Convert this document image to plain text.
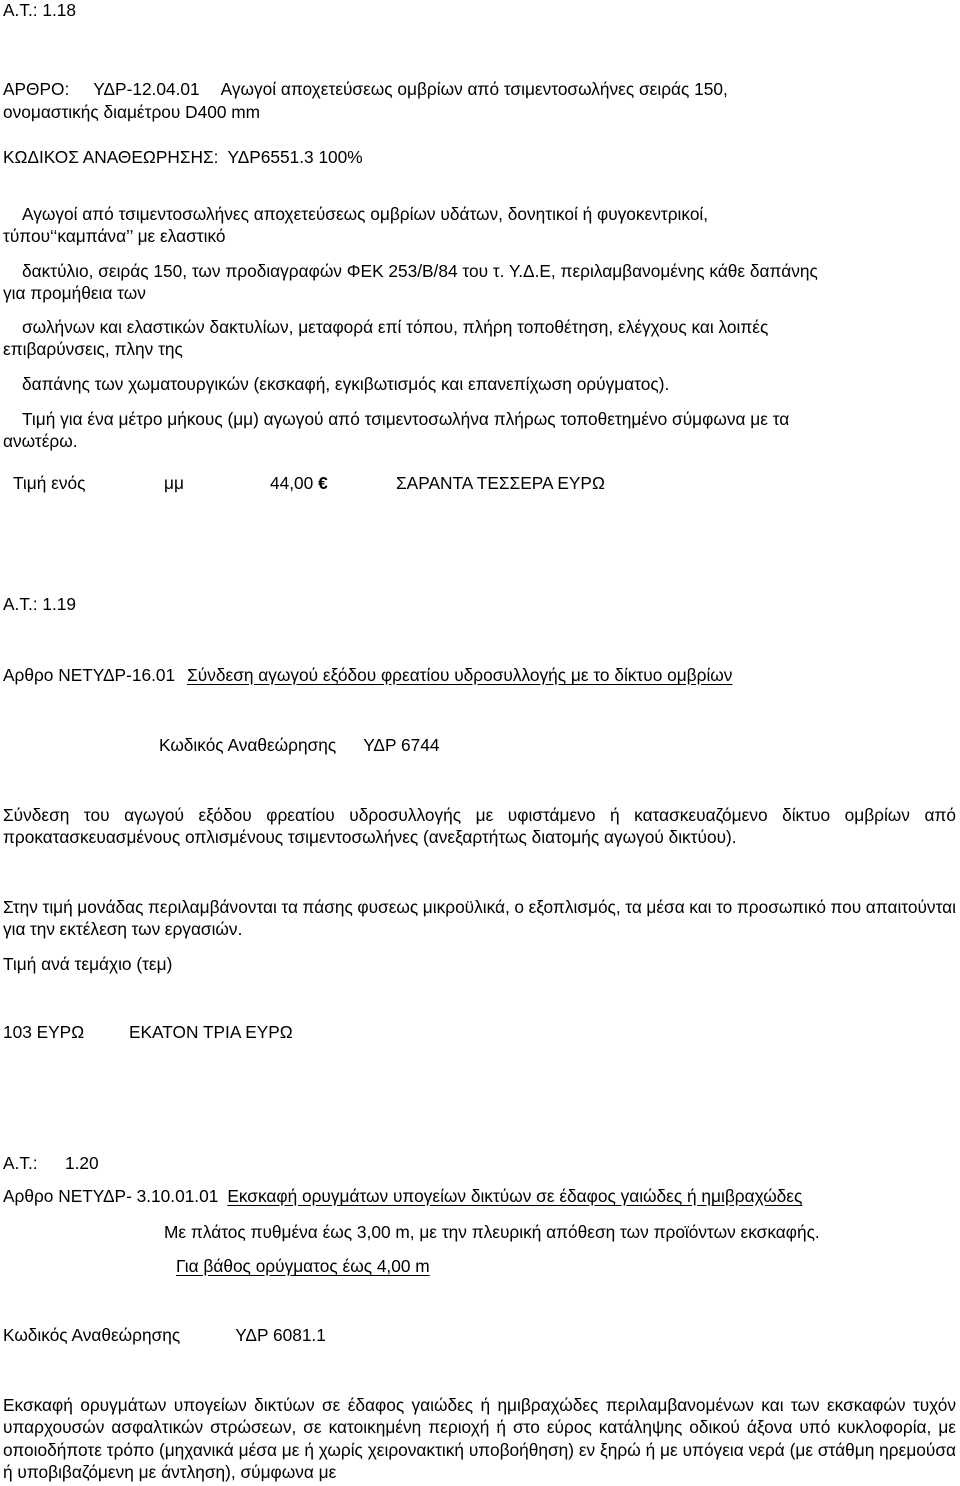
Α.Τ.: 1.18
ΑΡΘΡΟ: ΥΔΡ-12.04.01 Αγωγοί αποχετεύσεως ομβρίων από τσιμεντοσωλήνες σειράς 150,
ονομαστικής διαμέτρου D400 mm
ΚΩΔΙΚΟΣ ΑΝΑΘΕΩΡΗΣΗΣ: ΥΔΡ6551.3 100%
Αγωγοί από τσιμεντοσωλήνες αποχετεύσεως ομβρίων υδάτων, δονητικοί ή φυγοκεντρικοί,
τύπου‘‘καμπάνα’’ με ελαστικό
δακτύλιο, σειράς 150, των προδιαγραφών ΦΕΚ 253/Β/84 του τ. Υ.Δ.Ε, περιλαμβανομένης κάθε δαπάνης
για προμήθεια των
σωλήνων και ελαστικών δακτυλίων, μεταφορά επί τόπου, πλήρη τοποθέτηση, ελέγχους και λοιπές
επιβαρύνσεις, πλην της
δαπάνης των χωματουργικών (εκσκαφή, εγκιβωτισμός και επανεπίχωση ορύγματος).
Τιμή για ένα μέτρο μήκους (μμ) αγωγού από τσιμεντοσωλήνα πλήρως τοποθετημένο σύμφωνα με τα
ανωτέρω.
Τιμή ενός	μμ	44,00 €	ΣΑΡΑΝΤΑ ΤΕΣΣΕΡΑ ΕΥΡΩ
Α.Τ.: 1.19
Αρθρο ΝΕΤΥΔΡ-16.01 Σύνδεση αγωγού εξόδου φρεατίου υδροσυλλογής με το δίκτυο ομβρίων
Κωδικός Αναθεώρησης ΥΔΡ 6744
Σύνδεση του αγωγού εξόδου φρεατίου υδροσυλλογής με υφιστάμενο ή κατασκευαζόμενο δίκτυο ομβρίων από προκατασκευασμένους οπλισμένους τσιμεντοσωλήνες (ανεξαρτήτως διατομής αγωγού δικτύου).
Στην τιμή μονάδας περιλαμβάνονται τα πάσης φυσεως μικροϋλικά, ο εξοπλισμός, τα μέσα και το προσωπικό που απαιτούνται για την εκτέλεση των εργασιών.
Τιμή ανά τεμάχιο (τεμ)
103 ΕΥΡΩ	ΕΚΑΤΟΝ ΤΡΙΑ ΕΥΡΩ
Α.Τ.: 1.20
Αρθρο ΝΕΤΥΔΡ- 3.10.01.01 Εκσκαφή ορυγμάτων υπογείων δικτύων σε έδαφος γαιώδες ή ημιβραχώδες
Με πλάτος πυθμένα έως 3,00 m, με την πλευρική απόθεση των προϊόντων εκσκαφής.
Για βάθος ορύγματος έως 4,00 m
Κωδικός Αναθεώρησης	ΥΔΡ 6081.1
Εκσκαφή ορυγμάτων υπογείων δικτύων σε έδαφος γαιώδες ή ημιβραχώδες περιλαμβανομένων και των εκσκαφών τυχόν υπαρχουσών ασφαλτικών στρώσεων, σε κατοικημένη περιοχή ή στο εύρος κατάληψης οδικού άξονα υπό κυκλοφορία, με οποιοδήποτε τρόπο (μηχανικά μέσα με ή χωρίς χειρονακτική υποβοήθηση) εν ξηρώ ή με υπόγεια νερά (με στάθμη ηρεμούσα ή υποβιβαζόμενη με άντληση), σύμφωνα με
